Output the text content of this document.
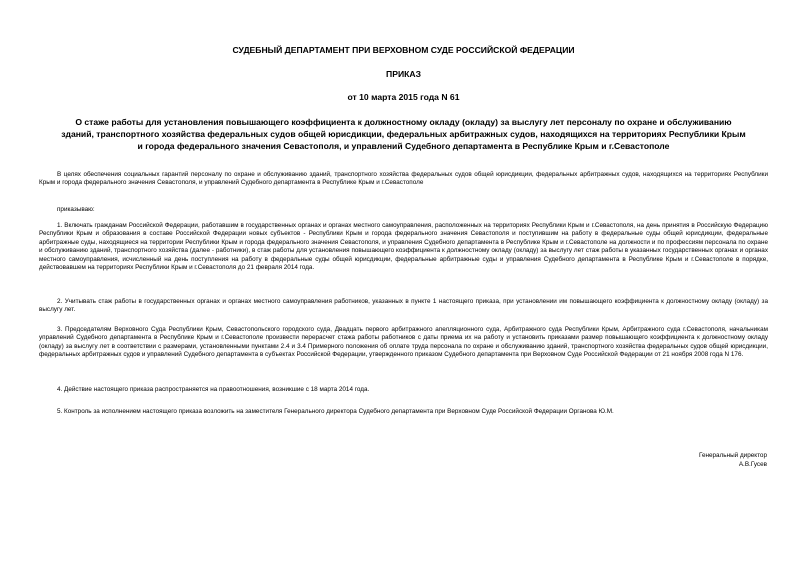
СУДЕБНЫЙ ДЕПАРТАМЕНТ ПРИ ВЕРХОВНОМ СУДЕ РОССИЙСКОЙ ФЕДЕРАЦИИ
ПРИКАЗ
от 10 марта 2015 года N 61
О стаже работы для установления повышающего коэффициента к должностному окладу (окладу) за выслугу лет персоналу по охране и обслуживанию зданий, транспортного хозяйства федеральных судов общей юрисдикции, федеральных арбитражных судов, находящихся на территориях Республики Крым и города федерального значения Севастополя, и управлений Судебного департамента в Республике Крым и г.Севастополе

В целях обеспечения социальных гарантий персоналу по охране и обслуживанию зданий, транспортного хозяйства федеральных судов общей юрисдикции, федеральных арбитражных судов, находящихся на территориях Республики Крым и города федерального значения Севастополя, и управлений Судебного департамента в Республике Крым и г.Севастополе

приказываю:

1. Включать гражданам Российской Федерации, работавшим в государственных органах и органах местного самоуправления, расположенных на территориях Республики Крым и г.Севастополя, на день принятия в Российскую Федерацию Республики Крым и образования в составе Российской Федерации новых субъектов - Республики Крым и города федерального значения Севастополя и поступившим на работу в федеральные суды общей юрисдикции, федеральные арбитражные суды, находящиеся на территории Республики Крым и города федерального значения Севастополя, и управления Судебного департамента в Республике Крым и г.Севастополе на должности и по профессиям персонала по охране и обслуживанию зданий, транспортного хозяйства (далее - работники), в стаж работы для установления повышающего коэффициента к должностному окладу (окладу) за выслугу лет стаж работы в указанных государственных органах и органах местного самоуправления, исчисленный на день поступления на работу в федеральные суды общей юрисдикции, федеральные арбитражные суды и управления Судебного департамента в Республике Крым и г.Севастополе в порядке, действовавшем на территориях Республики Крым и г.Севастополя до 21 февраля 2014 года.

2. Учитывать стаж работы в государственных органах и органах местного самоуправления работников, указанных в пункте 1 настоящего приказа, при установлении им повышающего коэффициента к должностному окладу (окладу) за выслугу лет.

3. Председателям Верховного Суда Республики Крым, Севастопольского городского суда, Двадцать первого арбитражного апелляционного суда, Арбитражного суда Республики Крым, Арбитражного суда г.Севастополя, начальникам управлений Судебного департамента в Республике Крым и г.Севастополе произвести перерасчет стажа работы работников с даты приема их на работу и установить приказами размер повышающего коэффициента к должностному окладу (окладу) за выслугу лет в соответствии с размерами, установленными пунктами 2.4 и 3.4 Примерного положения об оплате труда персонала по охране и обслуживанию зданий, транспортного хозяйства федеральных судов общей юрисдикции, федеральных арбитражных судов и управлений Судебного департамента в субъектах Российской Федерации, утвержденного приказом Судебного департамента при Верховном Суде Российской Федерации от 21 ноября 2008 года N 176.

4. Действие настоящего приказа распространяется на правоотношения, возникшие с 18 марта 2014 года.

5. Контроль за исполнением настоящего приказа возложить на заместителя Генерального директора Судебного департамента при Верховном Суде Российской Федерации Органова Ю.М.

Генеральный директор
А.В.Гусев
